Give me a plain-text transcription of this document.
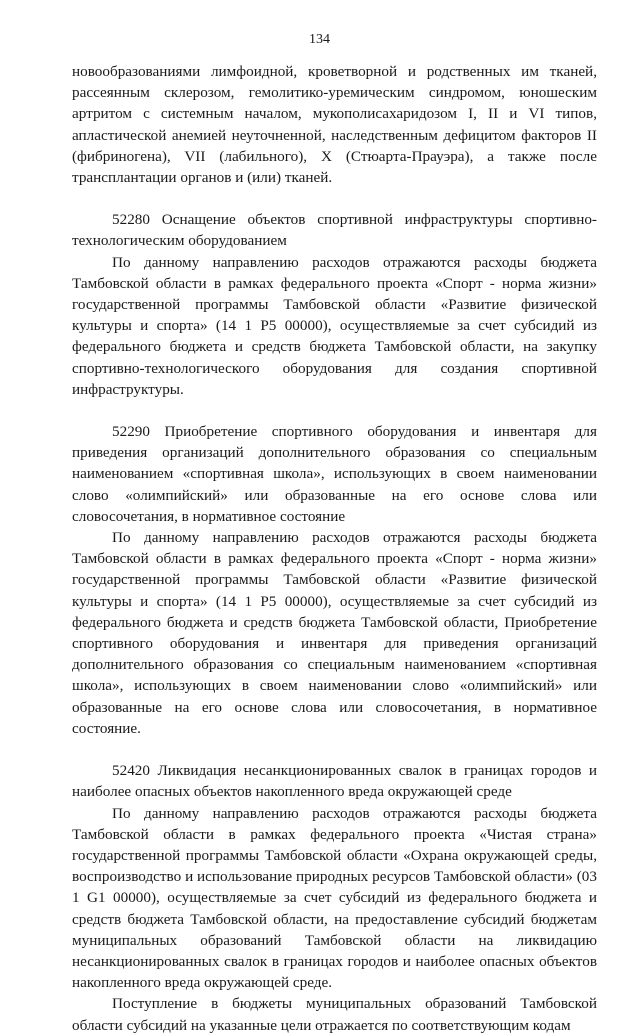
134

новообразованиями лимфоидной, кроветворной и родственных им тканей, рассеянным склерозом, гемолитико-уремическим синдромом, юношеским артритом с системным началом, мукополисахаридозом I, II и VI типов, апластической анемией неуточненной, наследственным дефицитом факторов II (фибриногена), VII (лабильного), X (Стюарта-Прауэра), а также после трансплантации органов и (или) тканей.

52280 Оснащение объектов спортивной инфраструктуры спортивно-технологическим оборудованием

По данному направлению расходов отражаются расходы бюджета Тамбовской области в рамках федерального проекта «Спорт - норма жизни» государственной программы Тамбовской области «Развитие физической культуры и спорта» (14 1 P5 00000), осуществляемые за счет субсидий из федерального бюджета и средств бюджета Тамбовской области, на закупку спортивно-технологического оборудования для создания спортивной инфраструктуры.

52290 Приобретение спортивного оборудования и инвентаря для приведения организаций дополнительного образования со специальным наименованием «спортивная школа», использующих в своем наименовании слово «олимпийский» или образованные на его основе слова или словосочетания, в нормативное состояние

По данному направлению расходов отражаются расходы бюджета Тамбовской области в рамках федерального проекта «Спорт - норма жизни» государственной программы Тамбовской области «Развитие физической культуры и спорта» (14 1 P5 00000), осуществляемые за счет субсидий из федерального бюджета и средств бюджета Тамбовской области, Приобретение спортивного оборудования и инвентаря для приведения организаций дополнительного образования со специальным наименованием «спортивная школа», использующих в своем наименовании слово «олимпийский» или образованные на его основе слова или словосочетания, в нормативное состояние.

52420 Ликвидация несанкционированных свалок в границах городов и наиболее опасных объектов накопленного вреда окружающей среде

По данному направлению расходов отражаются расходы бюджета Тамбовской области в рамках федерального проекта «Чистая страна» государственной программы Тамбовской области «Охрана окружающей среды, воспроизводство и использование природных ресурсов Тамбовской области» (03 1 G1 00000), осуществляемые за счет субсидий из федерального бюджета и средств бюджета Тамбовской области, на предоставление субсидий бюджетам муниципальных образований Тамбовской области на ликвидацию несанкционированных свалок в границах городов и наиболее опасных объектов накопленного вреда окружающей среде.

Поступление в бюджеты муниципальных образований Тамбовской области субсидий на указанные цели отражается по соответствующим кодам
